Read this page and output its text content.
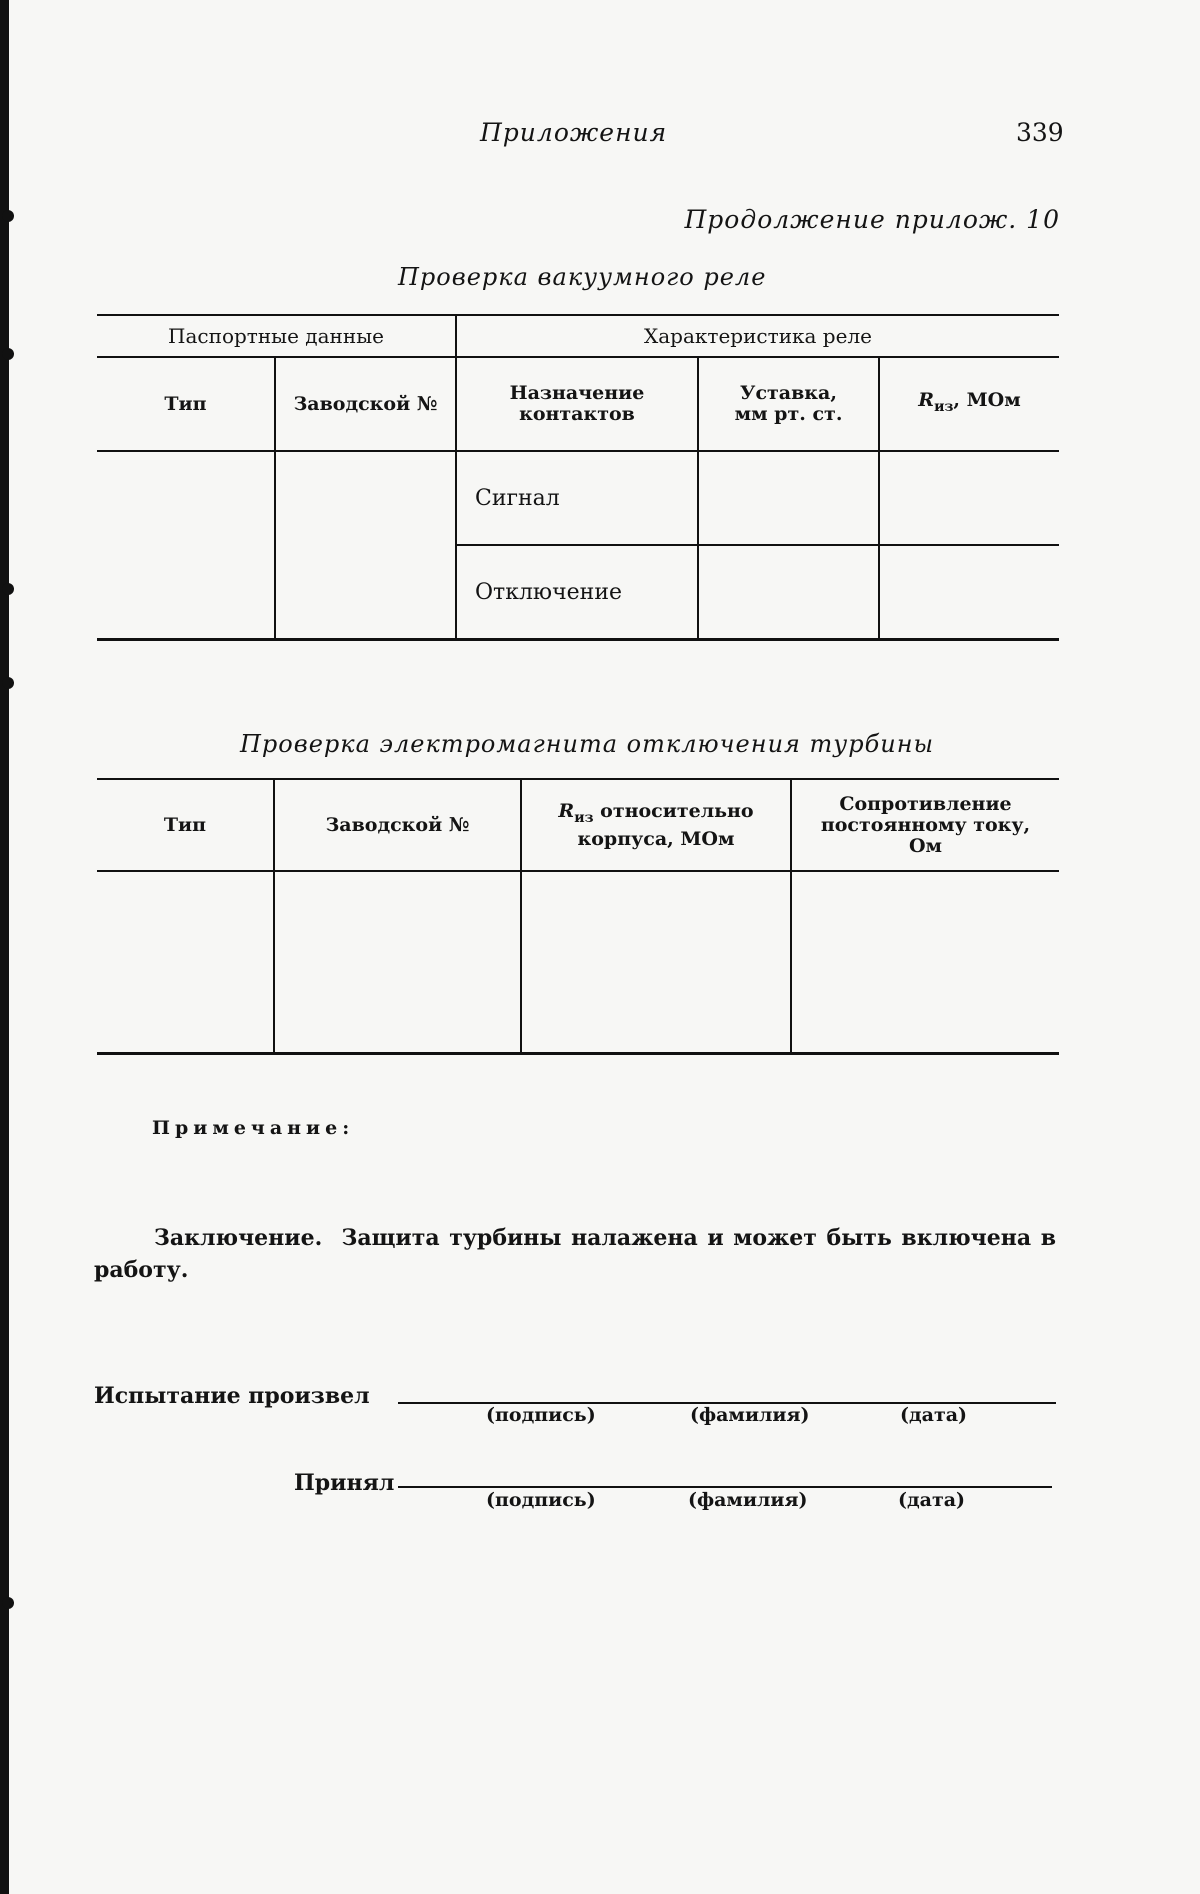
Приложения	339
Продолжение прилож. 10
Проверка вакуумного реле
Паспортные данные		Характеристика реле		
Тип	Заводской №	Назначение контактов	Уставка, мм рт. ст.	$R_{из}$, МОм
		Сигнал		
		Отключение		
Проверка электромагнита отключения турбины
Тип	Заводской №	$R_{из}$ относительно корпуса, МОм	Сопротивление постоянному току, Ом

Примечание:
Заключение. Защита турбины налажена и может быть включена в работу.
Испытание произвел
(подпись)	(фамилия)	(дата)
Принял
(подпись)	(фамилия)	(дата)
